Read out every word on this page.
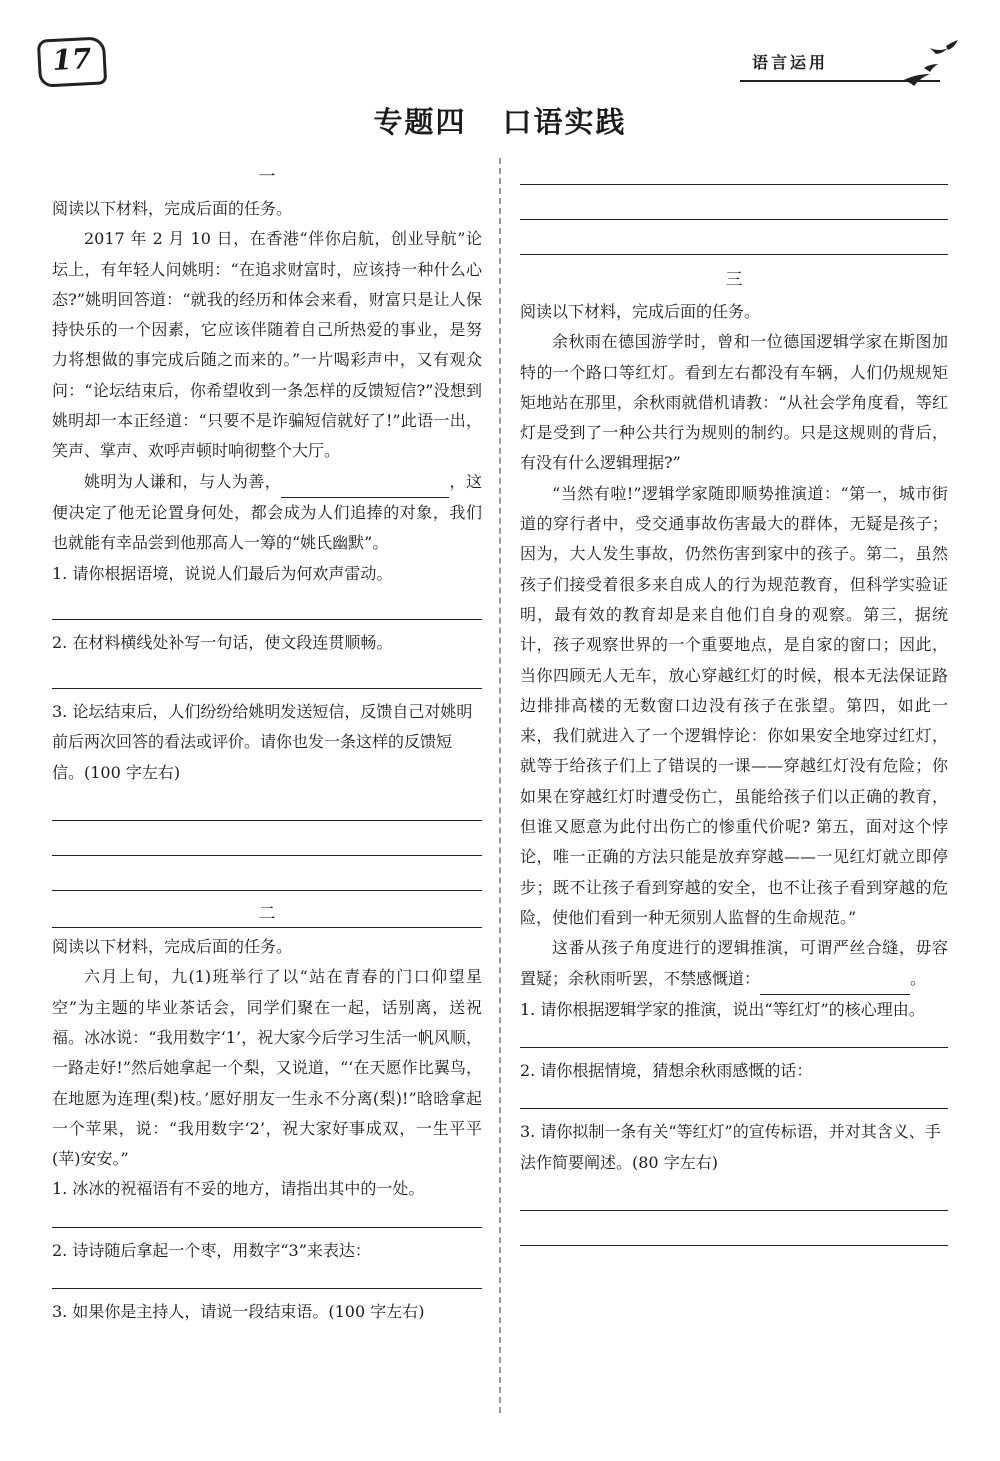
17	语言运用
专题四 口语实践
一

阅读以下材料，完成后面的任务。

2017 年 2 月 10 日，在香港“伴你启航，创业导航”论坛上，有年轻人问姚明：“在追求财富时，应该持一种什么心态?”姚明回答道：“就我的经历和体会来看，财富只是让人保持快乐的一个因素，它应该伴随着自己所热爱的事业，是努力将想做的事完成后随之而来的。”一片喝彩声中，又有观众问：“论坛结束后，你希望收到一条怎样的反馈短信?”没想到姚明却一本正经道：“只要不是诈骗短信就好了!”此语一出，笑声、掌声、欢呼声顿时响彻整个大厅。

姚明为人谦和，与人为善，	，这便决定了他无论置身何处，都会成为人们追捧的对象，我们也就能有幸品尝到他那高人一筹的“姚氏幽默”。

1. 请你根据语境，说说人们最后为何欢声雷动。
2. 在材料横线处补写一句话，使文段连贯顺畅。
3. 论坛结束后，人们纷纷给姚明发送短信，反馈自己对姚明前后两次回答的看法或评价。请你也发一条这样的反馈短信。(100 字左右)
二

阅读以下材料，完成后面的任务。

六月上旬，九(1)班举行了以“站在青春的门口仰望星空”为主题的毕业茶话会，同学们聚在一起，话别离，送祝福。冰冰说：“我用数字‘1’，祝大家今后学习生活一帆风顺，一路走好!”然后她拿起一个梨，又说道，“‘在天愿作比翼鸟，在地愿为连理(梨)枝。’愿好朋友一生永不分离(梨)!”晗晗拿起一个苹果，说：“我用数字‘2’，祝大家好事成双，一生平平(苹)安安。”

1. 冰冰的祝福语有不妥的地方，请指出其中的一处。
2. 诗诗随后拿起一个枣，用数字“3”来表达：
3. 如果你是主持人，请说一段结束语。(100 字左右)
三

阅读以下材料，完成后面的任务。

余秋雨在德国游学时，曾和一位德国逻辑学家在斯图加特的一个路口等红灯。看到左右都没有车辆，人们仍规规矩矩地站在那里，余秋雨就借机请教：“从社会学角度看，等红灯是受到了一种公共行为规则的制约。只是这规则的背后，有没有什么逻辑理据?”

“当然有啦!”逻辑学家随即顺势推演道：“第一，城市街道的穿行者中，受交通事故伤害最大的群体，无疑是孩子；因为，大人发生事故，仍然伤害到家中的孩子。第二，虽然孩子们接受着很多来自成人的行为规范教育，但科学实验证明，最有效的教育却是来自他们自身的观察。第三，据统计，孩子观察世界的一个重要地点，是自家的窗口；因此，当你四顾无人无车，放心穿越红灯的时候，根本无法保证路边排排高楼的无数窗口边没有孩子在张望。第四，如此一来，我们就进入了一个逻辑悖论：你如果安全地穿过红灯，就等于给孩子们上了错误的一课——穿越红灯没有危险；你如果在穿越红灯时遭受伤亡，虽能给孩子们以正确的教育，但谁又愿意为此付出伤亡的惨重代价呢? 第五，面对这个悖论，唯一正确的方法只能是放弃穿越——一见红灯就立即停步；既不让孩子看到穿越的安全，也不让孩子看到穿越的危险，使他们看到一种无须别人监督的生命规范。”

这番从孩子角度进行的逻辑推演，可谓严丝合缝，毋容置疑；余秋雨听罢，不禁感慨道：	。

1. 请你根据逻辑学家的推演，说出“等红灯”的核心理由。
2. 请你根据情境，猜想余秋雨感慨的话：
3. 请你拟制一条有关“等红灯”的宣传标语，并对其含义、手法作简要阐述。(80 字左右)
